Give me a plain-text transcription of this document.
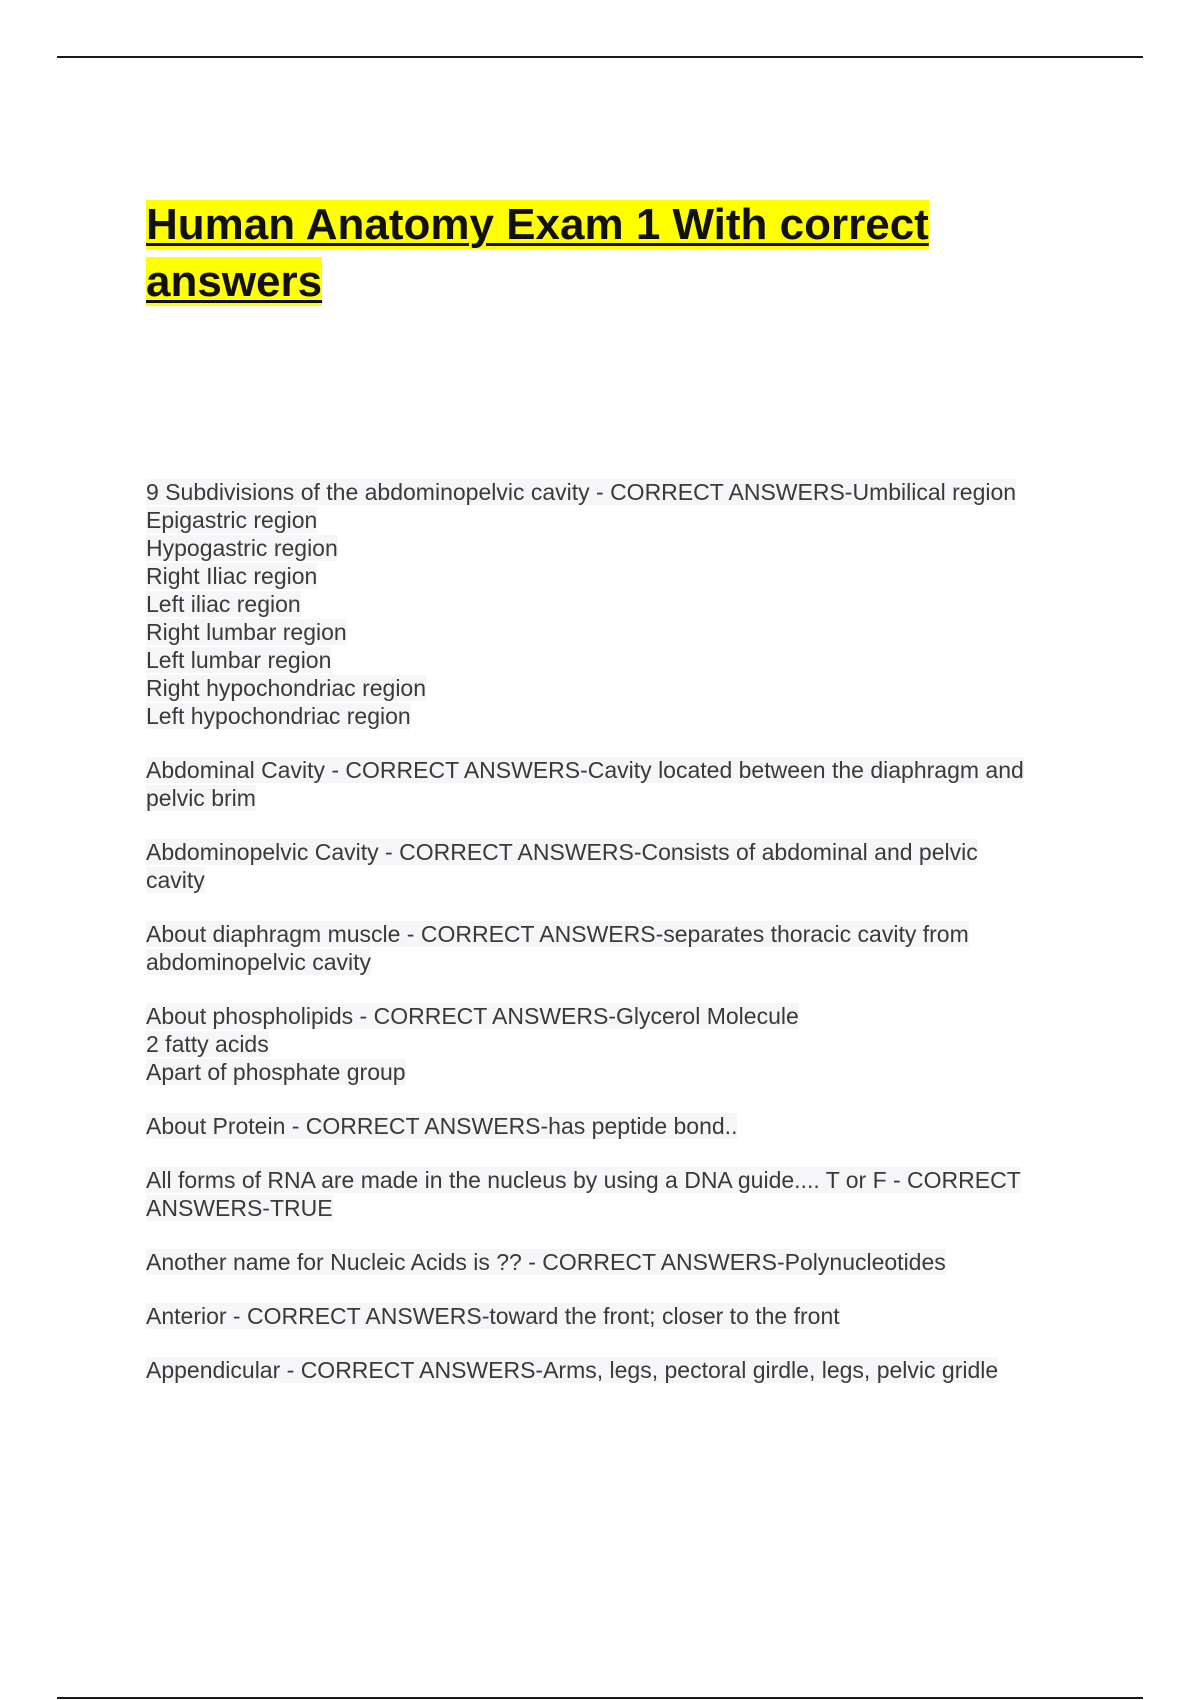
Human Anatomy Exam 1 With correct
answers
9 Subdivisions of the abdominopelvic cavity - CORRECT ANSWERS-Umbilical region
Epigastric region
Hypogastric region
Right Iliac region
Left iliac region
Right lumbar region
Left lumbar region
Right hypochondriac region
Left hypochondriac region
Abdominal Cavity - CORRECT ANSWERS-Cavity located between the diaphragm and
pelvic brim
Abdominopelvic Cavity - CORRECT ANSWERS-Consists of abdominal and pelvic
cavity
About diaphragm muscle - CORRECT ANSWERS-separates thoracic cavity from
abdominopelvic cavity
About phospholipids - CORRECT ANSWERS-Glycerol Molecule
2 fatty acids
Apart of phosphate group
About Protein - CORRECT ANSWERS-has peptide bond..
All forms of RNA are made in the nucleus by using a DNA guide.... T or F - CORRECT
ANSWERS-TRUE
Another name for Nucleic Acids is ?? - CORRECT ANSWERS-Polynucleotides
Anterior - CORRECT ANSWERS-toward the front; closer to the front
Appendicular - CORRECT ANSWERS-Arms, legs, pectoral girdle, legs, pelvic gridle
